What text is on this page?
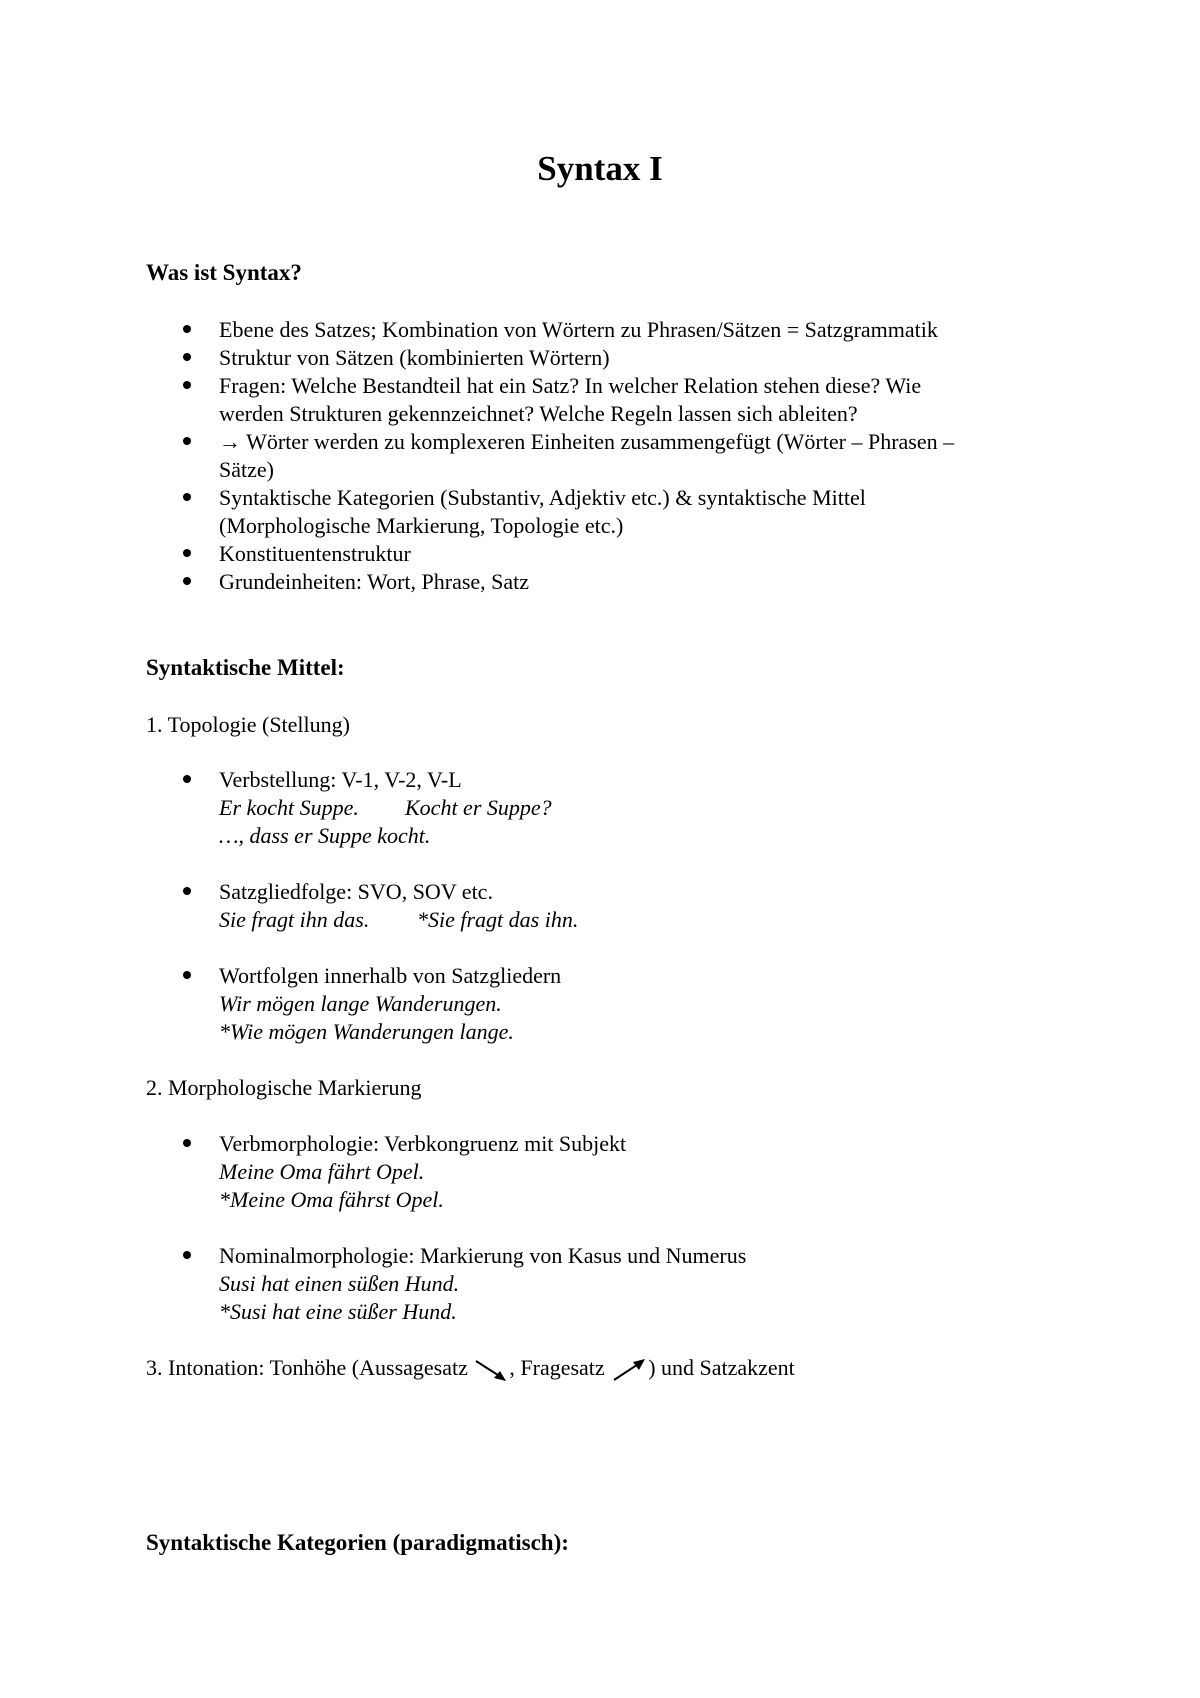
Syntax I
Was ist Syntax?
Ebene des Satzes; Kombination von Wörtern zu Phrasen/Sätzen = Satzgrammatik
Struktur von Sätzen (kombinierten Wörtern)
Fragen: Welche Bestandteil hat ein Satz? In welcher Relation stehen diese? Wie
werden Strukturen gekennzeichnet? Welche Regeln lassen sich ableiten?
→ Wörter werden zu komplexeren Einheiten zusammengefügt (Wörter – Phrasen –
Sätze)
Syntaktische Kategorien (Substantiv, Adjektiv etc.) & syntaktische Mittel
(Morphologische Markierung, Topologie etc.)
Konstituentenstruktur
Grundeinheiten: Wort, Phrase, Satz
Syntaktische Mittel:
1. Topologie (Stellung)
Verbstellung: V-1, V-2, V-L
Er kocht Suppe. Kocht er Suppe?
…, dass er Suppe kocht.
Satzgliedfolge: SVO, SOV etc.
Sie fragt ihn das. *Sie fragt das ihn.
Wortfolgen innerhalb von Satzgliedern
Wir mögen lange Wanderungen.
*Wie mögen Wanderungen lange.
2. Morphologische Markierung
Verbmorphologie: Verbkongruenz mit Subjekt
Meine Oma fährt Opel.
*Meine Oma fährst Opel.
Nominalmorphologie: Markierung von Kasus und Numerus
Susi hat einen süßen Hund.
*Susi hat eine süßer Hund.
3. Intonation: Tonhöhe (Aussagesatz , Fragesatz ) und Satzakzent
Syntaktische Kategorien (paradigmatisch):
